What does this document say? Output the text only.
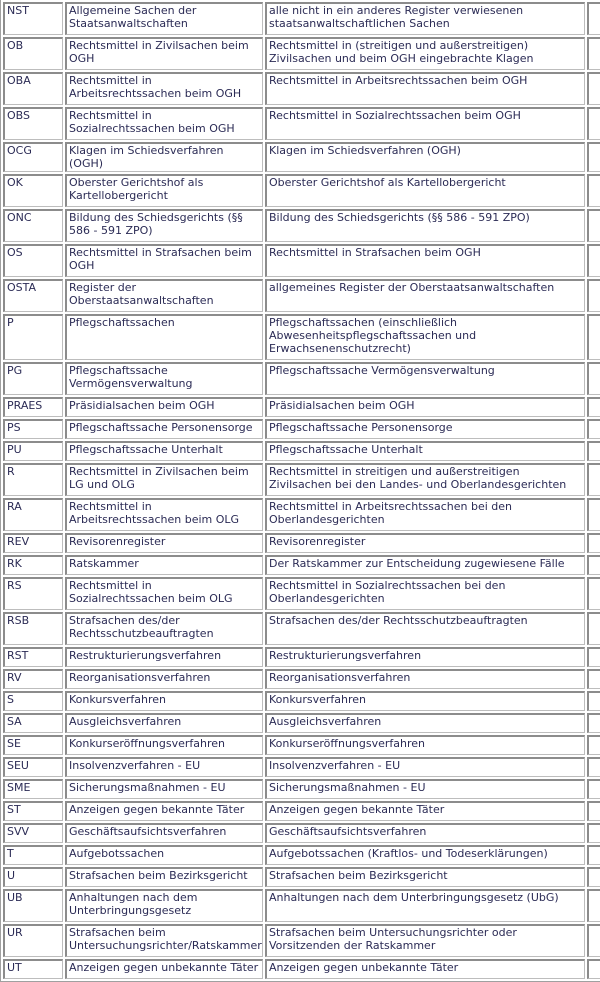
NST	Allgemeine Sachen der Staatsanwaltschaften	alle nicht in ein anderes Register verwiesenen staatsanwaltschaftlichen Sachen	
OB	Rechtsmittel in Zivilsachen beim OGH	Rechtsmittel in (streitigen und außerstreitigen) Zivilsachen und beim OGH eingebrachte Klagen	
OBA	Rechtsmittel in Arbeitsrechtssachen beim OGH	Rechtsmittel in Arbeitsrechtssachen beim OGH	
OBS	Rechtsmittel in Sozialrechtssachen beim OGH	Rechtsmittel in Sozialrechtssachen beim OGH	
OCG	Klagen im Schiedsverfahren (OGH)	Klagen im Schiedsverfahren (OGH)	
OK	Oberster Gerichtshof als Kartellobergericht	Oberster Gerichtshof als Kartellobergericht	
ONC	Bildung des Schiedsgerichts (§§ 586 - 591 ZPO)	Bildung des Schiedsgerichts (§§ 586 - 591 ZPO)	
OS	Rechtsmittel in Strafsachen beim OGH	Rechtsmittel in Strafsachen beim OGH	
OSTA	Register der Oberstaatsanwaltschaften	allgemeines Register der Oberstaatsanwaltschaften	
P	Pflegschaftssachen	Pflegschaftssachen (einschließlich Abwesenheitspflegschaftssachen und Erwachsenenschutzrecht)	
PG	Pflegschaftssache Vermögensverwaltung	Pflegschaftssache Vermögensverwaltung	
PRAES	Präsidialsachen beim OGH	Präsidialsachen beim OGH	
PS	Pflegschaftssache Personensorge	Pflegschaftssache Personensorge	
PU	Pflegschaftssache Unterhalt	Pflegschaftssache Unterhalt	
R	Rechtsmittel in Zivilsachen beim LG und OLG	Rechtsmittel in streitigen und außerstreitigen Zivilsachen bei den Landes- und Oberlandesgerichten	
RA	Rechtsmittel in Arbeitsrechtssachen beim OLG	Rechtsmittel in Arbeitsrechtssachen bei den Oberlandesgerichten	
REV	Revisorenregister	Revisorenregister	
RK	Ratskammer	Der Ratskammer zur Entscheidung zugewiesene Fälle	
RS	Rechtsmittel in Sozialrechtssachen beim OLG	Rechtsmittel in Sozialrechtssachen bei den Oberlandesgerichten	
RSB	Strafsachen des/der Rechtsschutzbeauftragten	Strafsachen des/der Rechtsschutzbeauftragten	
RST	Restrukturierungsverfahren	Restrukturierungsverfahren	
RV	Reorganisationsverfahren	Reorganisationsverfahren	
S	Konkursverfahren	Konkursverfahren	
SA	Ausgleichsverfahren	Ausgleichsverfahren	
SE	Konkurseröffnungsverfahren	Konkurseröffnungsverfahren	
SEU	Insolvenzverfahren - EU	Insolvenzverfahren - EU	
SME	Sicherungsmaßnahmen - EU	Sicherungsmaßnahmen - EU	
ST	Anzeigen gegen bekannte Täter	Anzeigen gegen bekannte Täter	
SVV	Geschäftsaufsichtsverfahren	Geschäftsaufsichtsverfahren	
T	Aufgebotssachen	Aufgebotssachen (Kraftlos- und Todeserklärungen)	
U	Strafsachen beim Bezirksgericht	Strafsachen beim Bezirksgericht	
UB	Anhaltungen nach dem Unterbringungsgesetz	Anhaltungen nach dem Unterbringungsgesetz (UbG)	
UR	Strafsachen beim Untersuchungsrichter/Ratskammer	Strafsachen beim Untersuchungsrichter oder Vorsitzenden der Ratskammer	
UT	Anzeigen gegen unbekannte Täter	Anzeigen gegen unbekannte Täter	
